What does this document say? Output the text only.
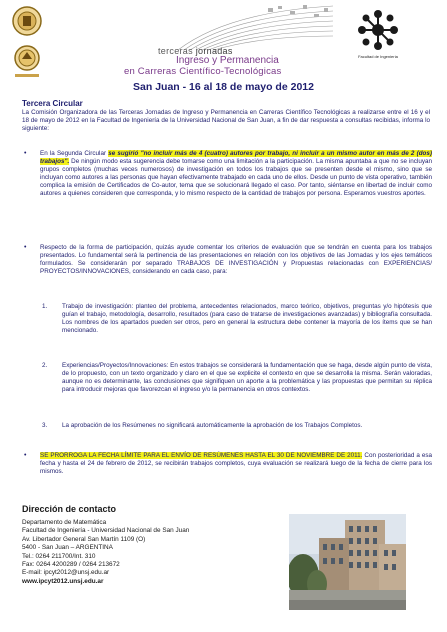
terceras jornadas
Ingreso y Permanencia
en Carreras Científico-Tecnológicas
Facultad de Ingeniería
San Juan - 16 al 18 de mayo de 2012
Tercera Circular
La Comisión Organizadora de las Terceras Jornadas de Ingreso y Permanencia en Carreras Científico Tecnológicas a realizarse entre el 16 y el 18 de mayo de 2012 en la Facultad de Ingeniería de la Universidad Nacional de San Juan, a fin de dar respuesta a consultas recibidas, informa lo siguiente:
• En la Segunda Circular se sugirió "no incluir más de 4 (cuatro) autores por trabajo, ni incluir a un mismo autor en más de 2 (dos) trabajos". De ningún modo esta sugerencia debe tomarse como una limitación a la participación. La misma apuntaba a que no se incluyan grupos completos (muchas veces numerosos) de investigación en todos los trabajos que se presenten desde el mismo, sino que se incluyan como autores a las personas que hayan efectivamente trabajado en cada uno de ellos. Desde un punto de vista operativo, también complica la emisión de Certificados de Co-autor, tema que se solucionará llegado el caso. Por tanto, siéntanse en libertad de incluir como autores a quienes consideren que corresponda, y lo mismo respecto de la cantidad de trabajos por persona. Esperamos vuestros aportes.
• Respecto de la forma de participación, quizás ayude comentar los criterios de evaluación que se tendrán en cuenta para los trabajos presentados. Lo fundamental será la pertinencia de las presentaciones en relación con los objetivos de las Jornadas y los ejes temáticos formulados. Se considerarán por separado TRABAJOS DE INVESTIGACIÓN y Propuestas relacionadas con EXPERIENCIAS/ PROYECTOS/INNOVACIONES, considerando en cada caso, para:
1. Trabajo de investigación: planteo del problema, antecedentes relacionados, marco teórico, objetivos, preguntas y/o hipótesis que guían el trabajo, metodología, desarrollo, resultados (para caso de tratarse de investigaciones avanzadas) y bibliografía consultada. Los nombres de los apartados pueden ser otros, pero en general la estructura debe contener la mayoría de los ítems que se han mencionado.
2. Experiencias/Proyectos/Innovaciones: En estos trabajos se considerará la fundamentación que se haga, desde algún punto de vista, de lo propuesto, con un texto organizado y claro en el que se explicite el contexto en que se desarrolla la misma. Serán valoradas, aunque no es determinante, las conclusiones que signifiquen un aporte a la problemática y las propuestas que permitan su réplica para introducir mejoras que favorezcan el ingreso y/o la permanencia en otros contextos.
3. La aprobación de los Resúmenes no significará automáticamente la aprobación de los Trabajos Completos.
• SE PRORROGA LA FECHA LÍMITE PARA EL ENVÍO DE RESÚMENES HASTA EL 30 DE NOVIEMBRE DE 2011. Con posterioridad a esa fecha y hasta el 24 de febrero de 2012, se recibirán trabajos completos, cuya evaluación se realizará luego de la fecha de cierre para los mismos.
Dirección de contacto
Departamento de Matemática
Facultad de Ingeniería - Universidad Nacional de San Juan
Av. Libertador General San Martín 1109 (O)
5400 - San Juan – ARGENTINA
Tel.: 0264 211700/Int. 310
Fax: 0264 4200289 / 0264 213672
E-mail: ipcyt2012@unsj.edu.ar
www.ipcyt2012.unsj.edu.ar
